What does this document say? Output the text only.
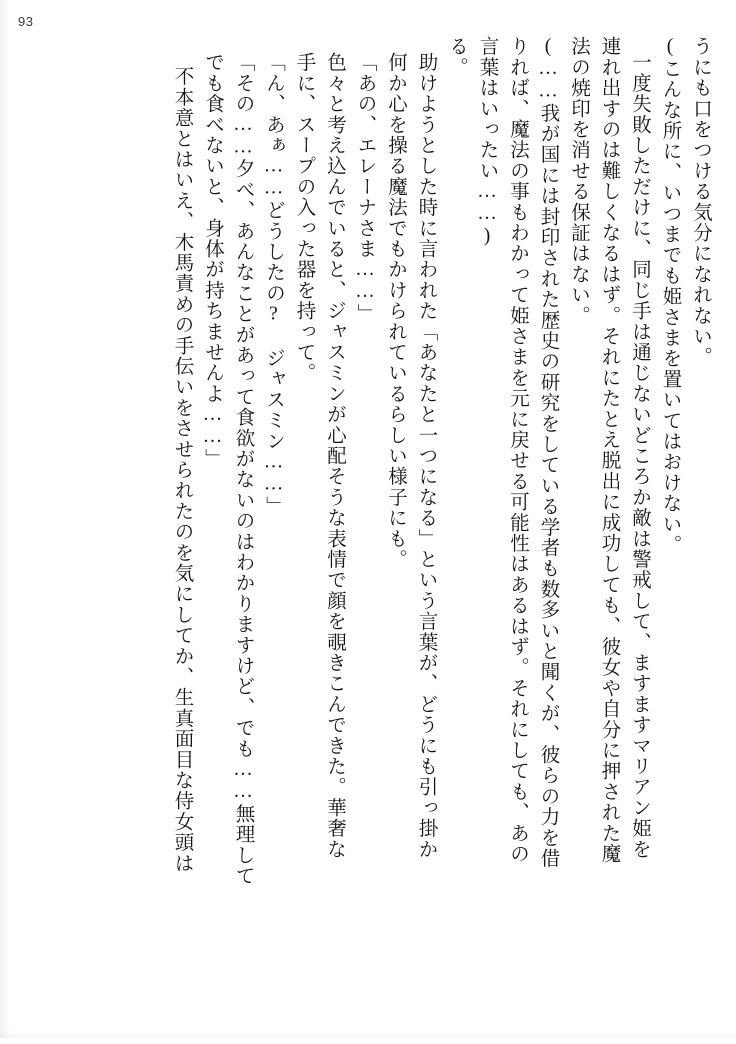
93
うにも口をつける気分になれない。
(こんな所に、いつまでも姫さまを置いてはおけない。
一度失敗しただけに、同じ手は通じないどころか敵は警戒して、ますますマリアン姫を
連れ出すのは難しくなるはず。それにたとえ脱出に成功しても、彼女や自分に押された魔
法の焼印を消せる保証はない。
(……我が国には封印された歴史の研究をしている学者も数多いと聞くが、彼らの力を借
りれば、魔法の事もわかって姫さまを元に戻せる可能性はあるはず。それにしても、あの
言葉はいったい……)
る。
助けようとした時に言われた「あなたと一つになる」という言葉が、どうにも引っ掛か
何か心を操る魔法でもかけられているらしい様子にも。
「あの、エレーナさま……」
色々と考え込んでいると、ジャスミンが心配そうな表情で顔を覗きこんできた。華奢な
手に、スープの入った器を持って。
「ん、あぁ……どうしたの? ジャスミン……」
「その……夕べ、あんなことがあって食欲がないのはわかりますけど、でも……無理して
でも食べないと、身体が持ちませんよ……」
不本意とはいえ、木馬責めの手伝いをさせられたのを気にしてか、生真面目な侍女頭は
